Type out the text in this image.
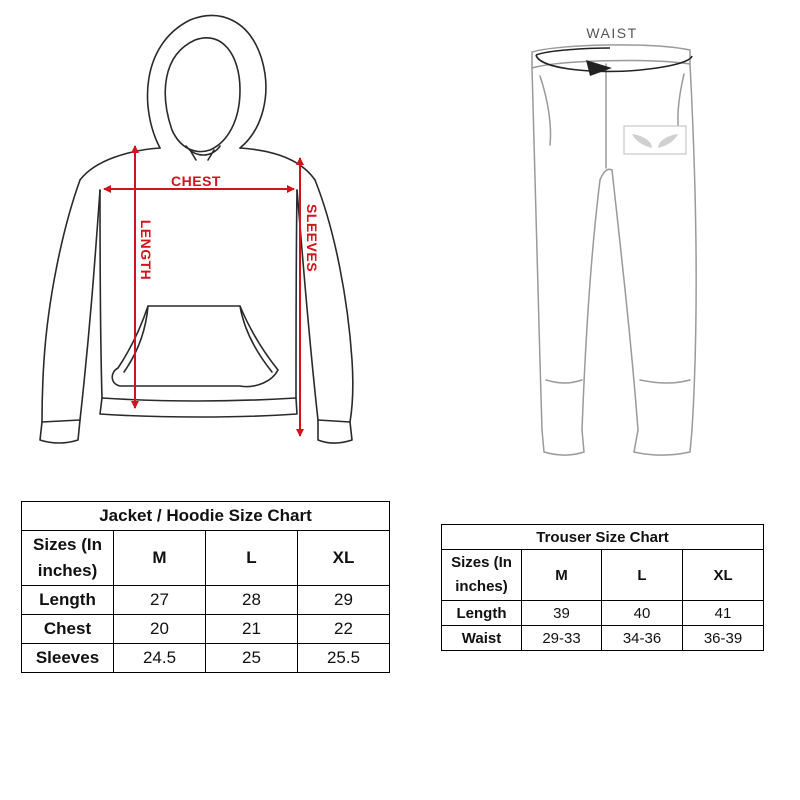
CHEST
LENGTH	SLEEVES
WAIST
Jacket / Hoodie Size Chart			
Sizes (In inches)	M	L	XL
Length	27	28	29
Chest	20	21	22
Sleeves	24.5	25	25.5
Trouser Size Chart			
Sizes (In inches)	M	L	XL
Length	39	40	41
Waist	29-33	34-36	36-39
